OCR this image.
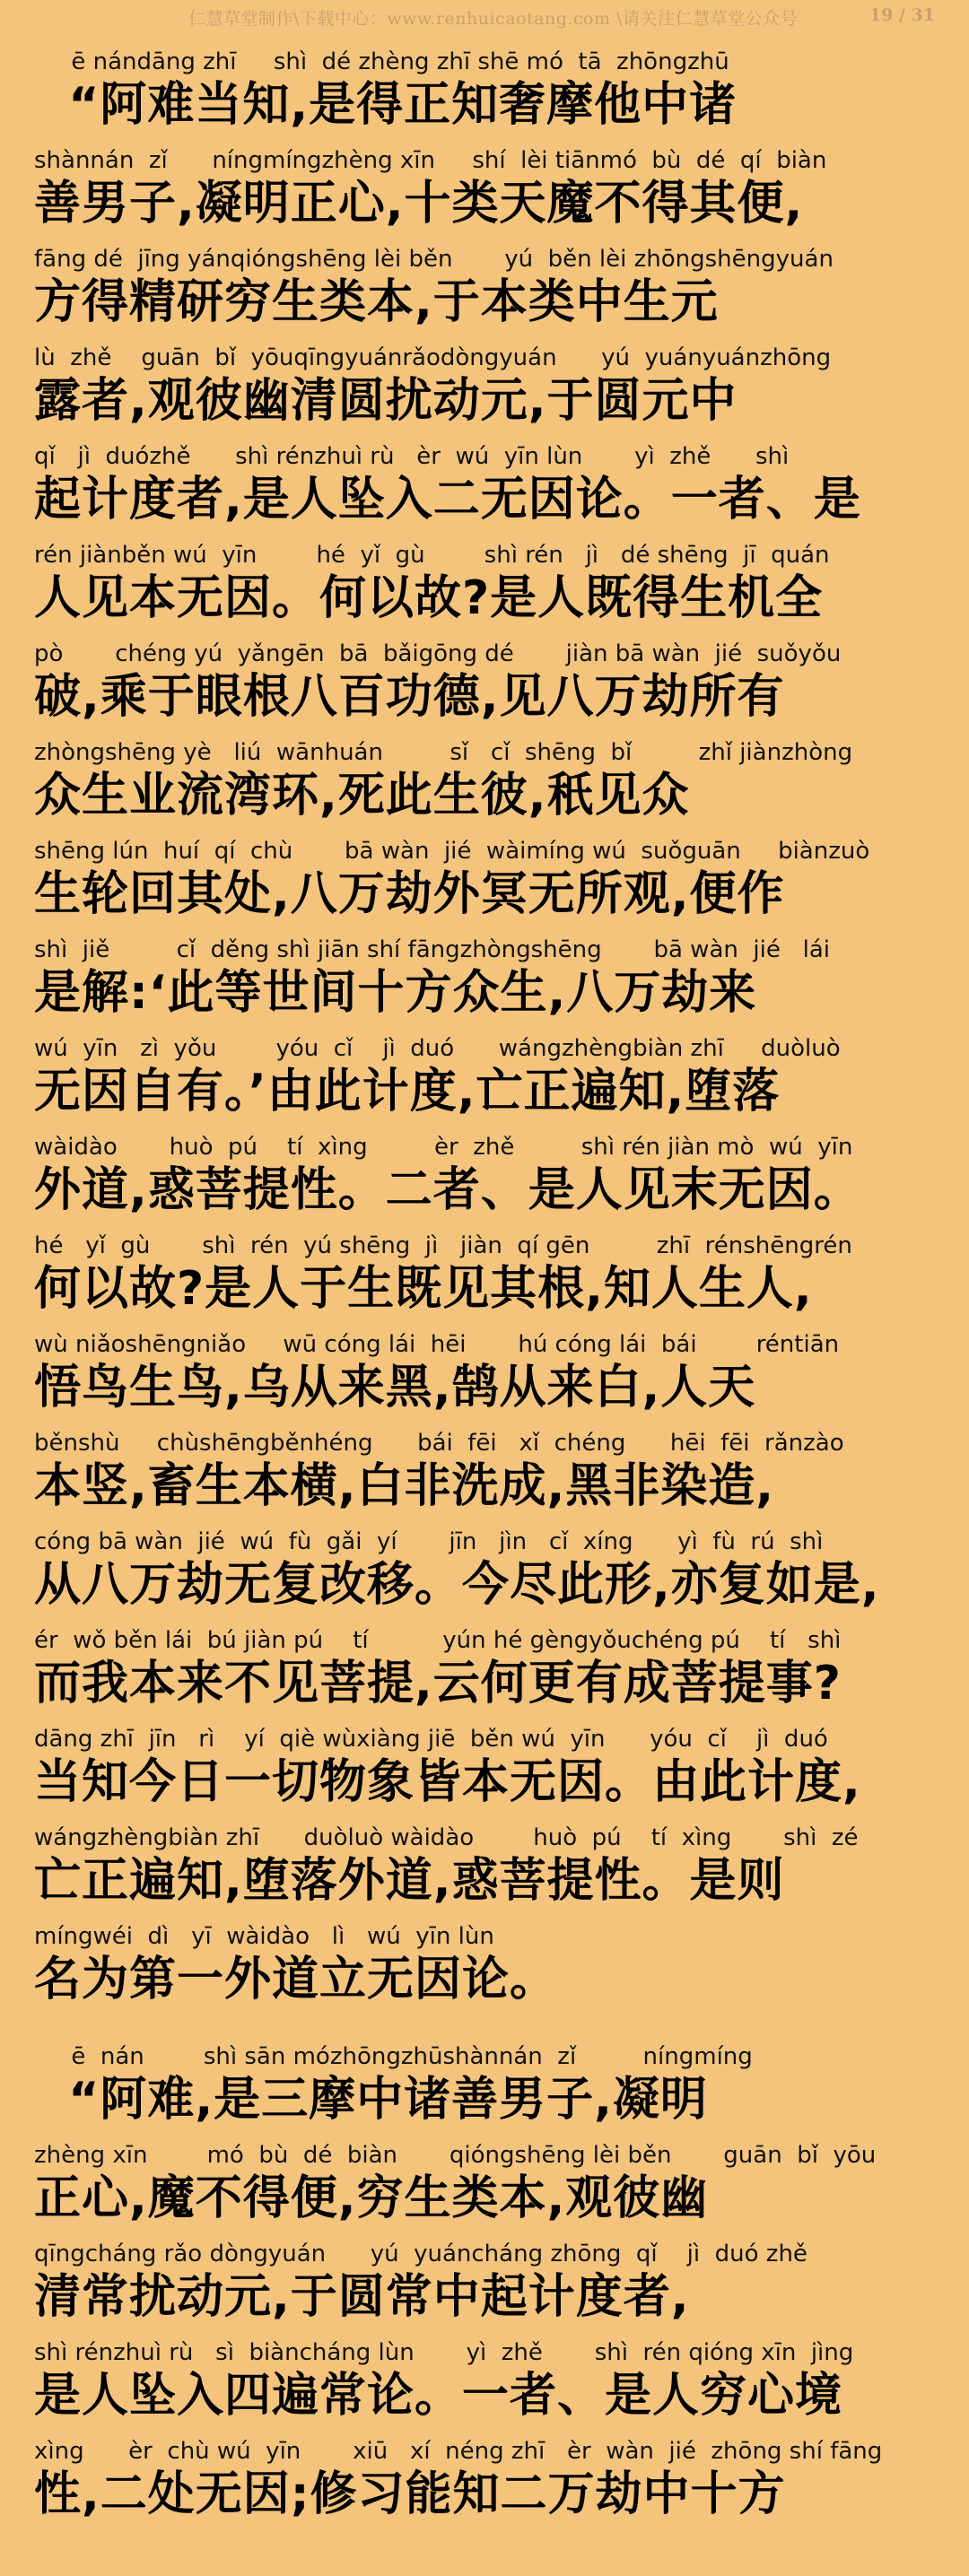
仁慧草堂制作\下载中心：www.renhuicaotang.com \请关注仁慧草堂公众号	19 / 31
ē nándāng zhī     shì  dé zhèng zhī shē mó  tā  zhōngzhū
“阿难当知,是得正知奢摩他中诸
shànnán  zǐ      níngmíngzhèng xīn     shí  lèi tiānmó  bù  dé  qí  biàn
善男子,凝明正心,十类天魔不得其便,
fāng dé  jīng yánqióngshēng lèi běn       yú  běn lèi zhōngshēngyuán
方得精研穷生类本,于本类中生元
lù  zhě    guān  bǐ  yōuqīngyuánrǎodòngyuán      yú  yuányuánzhōng
露者,观彼幽清圆扰动元,于圆元中
qǐ   jì  duózhě      shì rénzhuì rù   èr  wú  yīn lùn       yì  zhě      shì
起计度者,是人坠入二无因论。一者、是
rén jiànběn wú  yīn        hé  yǐ  gù        shì rén   jì   dé shēng  jī  quán
人见本无因。何以故?是人既得生机全
pò       chéng yú  yǎngēn  bā  bǎigōng dé       jiàn bā wàn  jié  suǒyǒu
破,乘于眼根八百功德,见八万劫所有
zhòngshēng yè   liú  wānhuán         sǐ   cǐ  shēng  bǐ         zhǐ jiànzhòng
众生业流湾环,死此生彼,秖见众
shēng lún  huí  qí  chù       bā wàn  jié  wàimíng wú  suǒguān     biànzuò
生轮回其处,八万劫外冥无所观,便作
shì  jiě         cǐ  děng shì jiān shí fāngzhòngshēng       bā wàn  jié   lái
是解:‘此等世间十方众生,八万劫来
wú  yīn   zì  yǒu        yóu  cǐ    jì  duó      wángzhèngbiàn zhī     duòluò
无因自有。’由此计度,亡正遍知,堕落
wàidào       huò  pú    tí  xìng         èr  zhě         shì rén jiàn mò  wú  yīn
外道,惑菩提性。二者、是人见末无因。
hé   yǐ  gù       shì  rén  yú shēng  jì   jiàn  qí gēn         zhī  rénshēngrén
何以故?是人于生既见其根,知人生人,
wù niǎoshēngniǎo     wū cóng lái  hēi       hú cóng lái  bái        réntiān
悟鸟生鸟,乌从来黑,鹄从来白,人天
běnshù     chùshēngběnhéng      bái  fēi   xǐ  chéng      hēi  fēi  rǎnzào
本竖,畜生本横,白非洗成,黑非染造,
cóng bā wàn  jié  wú  fù  gǎi  yí       jīn   jìn   cǐ  xíng      yì  fù  rú  shì
从八万劫无复改移。今尽此形,亦复如是,
ér  wǒ běn lái  bú jiàn pú    tí          yún hé gèngyǒuchéng pú    tí   shì
而我本来不见菩提,云何更有成菩提事?
dāng zhī  jīn   rì    yí  qiè wùxiàng jiē  běn wú  yīn      yóu  cǐ    jì  duó
当知今日一切物象皆本无因。由此计度,
wángzhèngbiàn zhī      duòluò wàidào        huò  pú    tí  xìng       shì  zé
亡正遍知,堕落外道,惑菩提性。是则
míngwéi  dì   yī  wàidào   lì   wú  yīn lùn
名为第一外道立无因论。
ē  nán        shì sān mózhōngzhūshànnán  zǐ         níngmíng
“阿难,是三摩中诸善男子,凝明
zhèng xīn        mó  bù  dé  biàn       qióngshēng lèi běn       guān  bǐ  yōu
正心,魔不得便,穷生类本,观彼幽
qīngcháng rǎo dòngyuán      yú  yuáncháng zhōng  qǐ    jì  duó zhě
清常扰动元,于圆常中起计度者,
shì rénzhuì rù   sì  biàncháng lùn       yì  zhě       shì  rén qióng xīn  jìng
是人坠入四遍常论。一者、是人穷心境
xìng      èr  chù wú  yīn       xiū   xí  néng zhī   èr  wàn  jié  zhōng shí fāng
性,二处无因;修习能知二万劫中十方
